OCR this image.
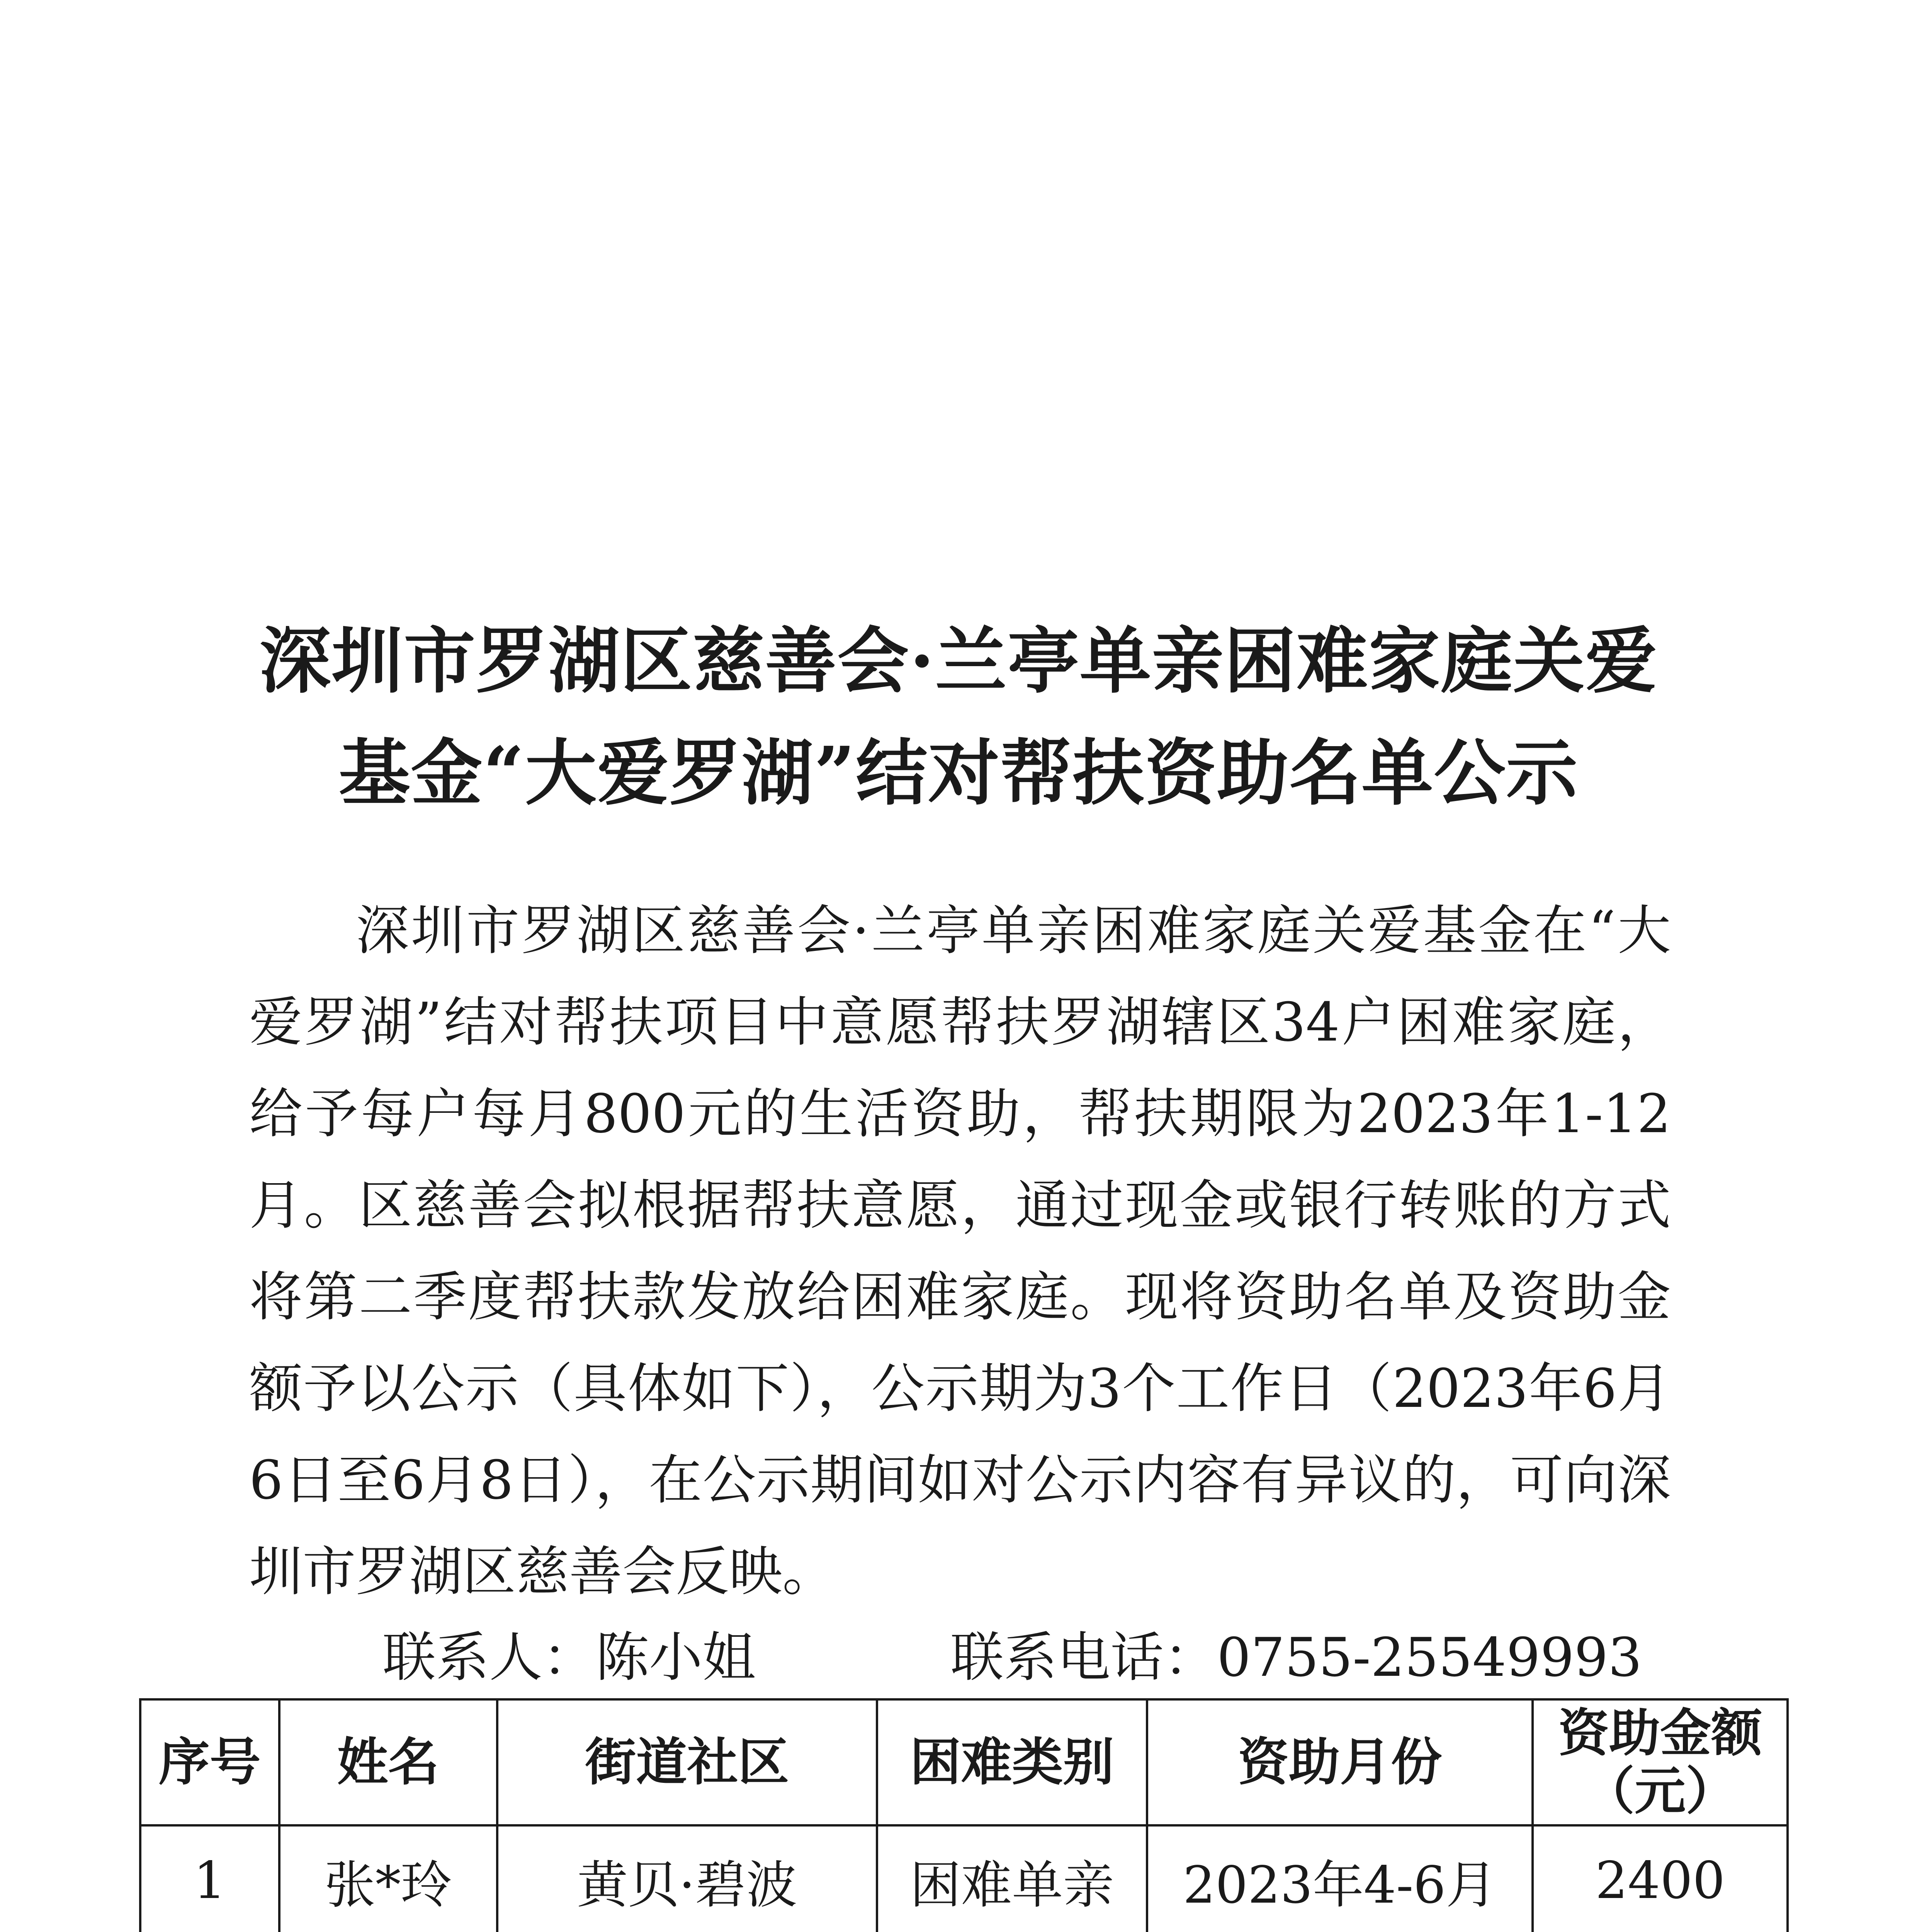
深圳市罗湖区慈善会·兰亭单亲困难家庭关爱
基金“大爱罗湖”结对帮扶资助名单公示

深圳市罗湖区慈善会·兰亭单亲困难家庭关爱基金在“大爱罗湖”结对帮扶项目中意愿帮扶罗湖辖区34户困难家庭，给予每户每月800元的生活资助，帮扶期限为2023年1-12月。区慈善会拟根据帮扶意愿，通过现金或银行转账的方式将第二季度帮扶款发放给困难家庭。现将资助名单及资助金额予以公示（具体如下），公示期为3个工作日（2023年6月6日至6月8日），在公示期间如对公示内容有异议的，可向深圳市罗湖区慈善会反映。

联系人：陈小姐	联系电话：0755-25549993
序号	姓名	街道社区	困难类别	资助月份	资助金额
（元）

1	张*玲	黄贝·碧波	困难单亲	2023年4-6月	2400
